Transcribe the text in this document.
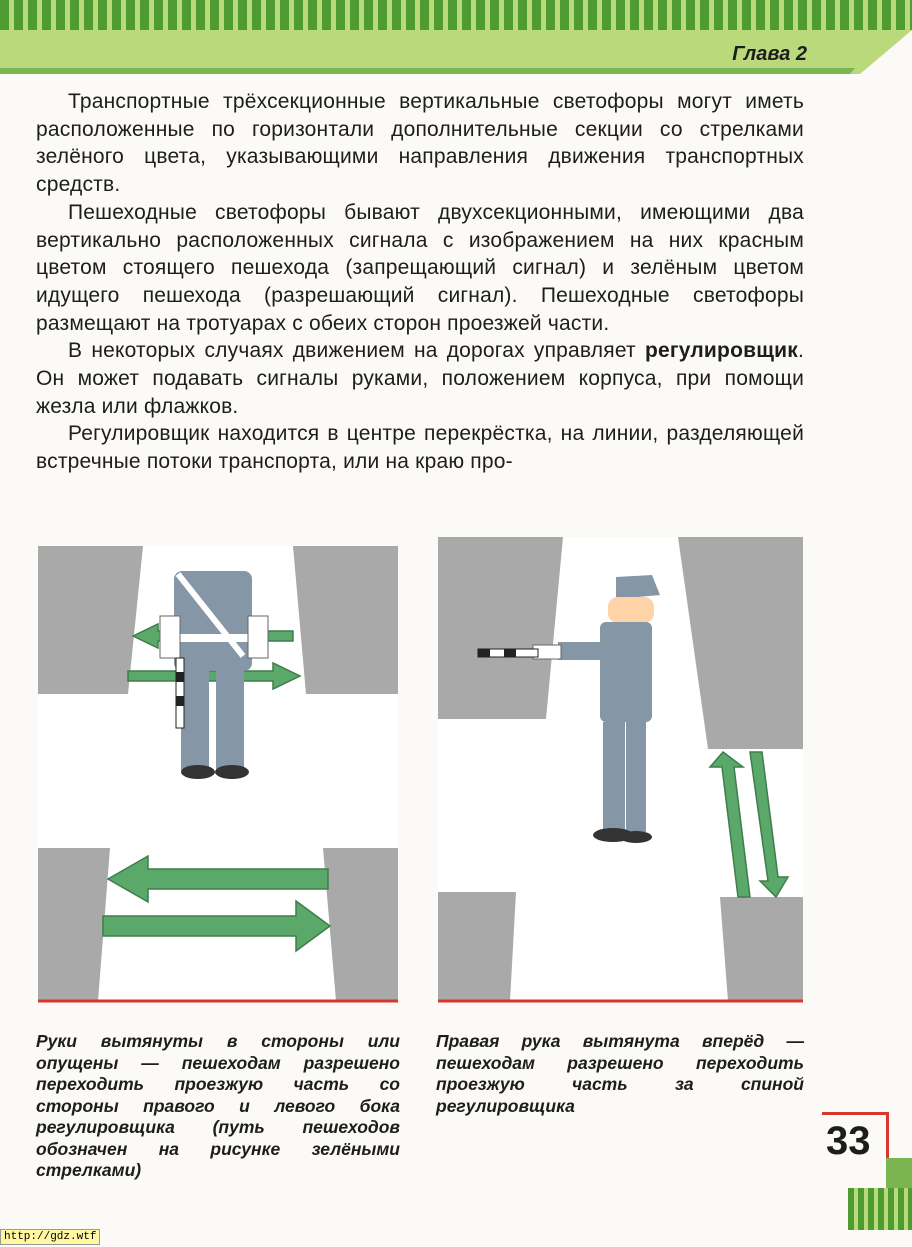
Глава 2

Транспортные трёхсекционные вертикальные светофоры могут иметь расположенные по горизонтали дополнительные секции со стрелками зелёного цвета, указывающими направления движения транспортных средств.

Пешеходные светофоры бывают двухсекционными, имеющими два вертикально расположенных сигнала с изображением на них красным цветом стоящего пешехода (запрещающий сигнал) и зелёным цветом идущего пешехода (разрешающий сигнал). Пешеходные светофоры размещают на тротуарах с обеих сторон проезжей части.

В некоторых случаях движением на дорогах управляет регулировщик. Он может подавать сигналы руками, положением корпуса, при помощи жезла или флажков.

Регулировщик находится в центре перекрёстка, на линии, разделяющей встречные потоки транспорта, или на краю про-

Руки вытянуты в стороны или опущены — пешеходам разрешено переходить проезжую часть со стороны правого и левого бока регулировщика (путь пешеходов обозначен на рисунке зелёными стрелками)
Правая рука вытянута вперёд — пешеходам разрешено переходить проезжую часть за спиной регулировщика
33
http://gdz.wtf
